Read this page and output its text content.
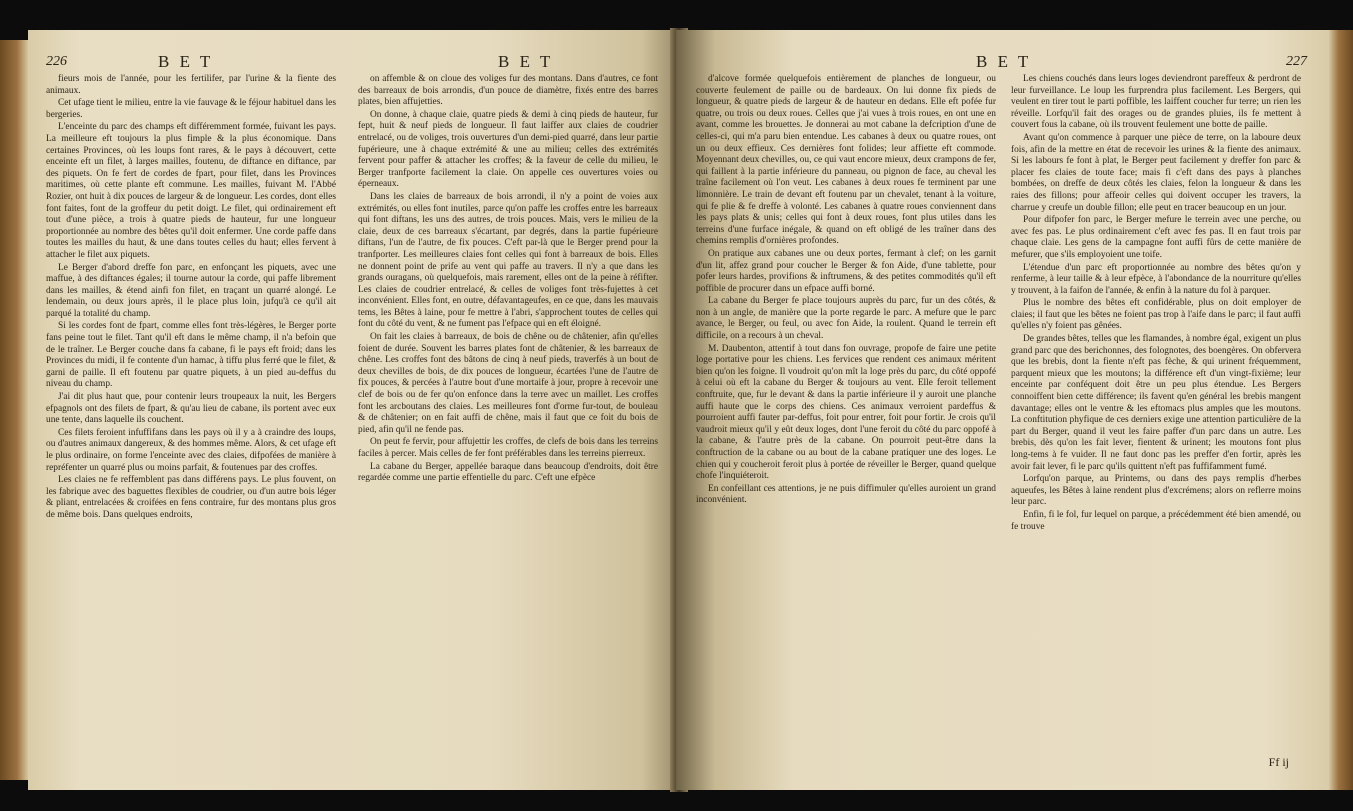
226	B E T	B E T

fieurs mois de l'année, pour les fertilifer, par l'urine & la fiente des animaux.

Cet ufage tient le milieu, entre la vie fauvage & le féjour habituel dans les bergeries.

L'enceinte du parc des champs eft différemment formée, fuivant les pays. La meilleure eft toujours la plus fimple & la plus économique. Dans certaines Provinces, où les loups font rares, & le pays à découvert, cette enceinte eft un filet, à larges mailles, foutenu, de diftance en diftance, par des piquets. On fe fert de cordes de fpart, pour filet, dans les Provinces maritimes, où cette plante eft commune. Les mailles, fuivant M. l'Abbé Rozier, ont huit à dix pouces de largeur & de longueur. Les cordes, dont elles font faites, font de la groffeur du petit doigt. Le filet, qui ordinairement eft tout d'une pièce, a trois à quatre pieds de hauteur, fur une longueur proportionnée au nombre des bêtes qu'il doit enfermer. Une corde paffe dans toutes les mailles du haut, & une dans toutes celles du haut; elles fervent à attacher le filet aux piquets.

Le Berger d'abord dreffe fon parc, en enfonçant les piquets, avec une maffue, à des diftances égales; il tourne autour la corde, qui paffe librement dans les mailles, & étend ainfi fon filet, en traçant un quarré alongé. Le lendemain, ou deux jours après, il le place plus loin, jufqu'à ce qu'il ait parqué la totalité du champ.

Si les cordes font de fpart, comme elles font très-légères, le Berger porte fans peine tout le filet. Tant qu'il eft dans le même champ, il n'a befoin que de le traîner. Le Berger couche dans fa cabane, fi le pays eft froid; dans les Provinces du midi, il fe contente d'un hamac, à tiffu plus ferré que le filet, & garni de paille. Il eft foutenu par quatre piquets, à un pied au-deffus du niveau du champ.

J'ai dit plus haut que, pour contenir leurs troupeaux la nuit, les Bergers efpagnols ont des filets de fpart, & qu'au lieu de cabane, ils portent avec eux une tente, dans laquelle ils couchent.

Ces filets feroient infuffifans dans les pays où il y a à craindre des loups, ou d'autres animaux dangereux, & des hommes même. Alors, & cet ufage eft le plus ordinaire, on forme l'enceinte avec des claies, difpofées de manière à repréfenter un quarré plus ou moins parfait, & foutenues par des croffes.

Les claies ne fe reffemblent pas dans différens pays. Le plus fouvent, on les fabrique avec des baguettes flexibles de coudrier, ou d'un autre bois léger & pliant, entrelacées & croifées en fens contraire, fur des montans plus gros de même bois. Dans quelques endroits,

on affemble & on cloue des voliges fur des montans. Dans d'autres, ce font des barreaux de bois arrondis, d'un pouce de diamètre, fixés entre des barres plates, bien affujetties.

On donne, à chaque claie, quatre pieds & demi à cinq pieds de hauteur, fur fept, huit & neuf pieds de longueur. Il faut laiffer aux claies de coudrier entrelacé, ou de voliges, trois ouvertures d'un demi-pied quarré, dans leur partie fupérieure, une à chaque extrémité & une au milieu; celles des extrémités fervent pour paffer & attacher les croffes; & la faveur de celle du milieu, le Berger tranfporte facilement la claie. On appelle ces ouvertures voies ou éperneaux.

Dans les claies de barreaux de bois arrondi, il n'y a point de voies aux extrémités, ou elles font inutiles, parce qu'on paffe les croffes entre les barreaux qui font diftans, les uns des autres, de trois pouces. Mais, vers le milieu de la claie, deux de ces barreaux s'écartant, par degrés, dans la partie fupérieure diftans, l'un de l'autre, de fix pouces. C'eft par-là que le Berger prend pour la tranfporter. Les meilleures claies font celles qui font à barreaux de bois. Elles ne donnent point de prife au vent qui paffe au travers. Il n'y a que dans les grands ouragans, où quelquefois, mais rarement, elles ont de la peine à réfifter. Les claies de coudrier entrelacé, & celles de voliges font très-fujettes à cet inconvénient. Elles font, en outre, défavantageufes, en ce que, dans les mauvais tems, les Bêtes à laine, pour fe mettre à l'abri, s'approchent toutes de celles qui font du côté du vent, & ne fument pas l'efpace qui en eft éloigné.

On fait les claies à barreaux, de bois de chêne ou de châtenier, afin qu'elles foient de durée. Souvent les barres plates font de châtenier, & les barreaux de chêne. Les croffes font des bâtons de cinq à neuf pieds, traverfés à un bout de deux chevilles de bois, de dix pouces de longueur, écartées l'une de l'autre de fix pouces, & percées à l'autre bout d'une mortaife à jour, propre à recevoir une clef de bois ou de fer qu'on enfonce dans la terre avec un maillet. Les croffes font les arcboutans des claies. Les meilleures font d'orme fur-tout, de bouleau & de châtenier; on en fait auffi de chêne, mais il faut que ce foit du bois de pied, afin qu'il ne fende pas.

On peut fe fervir, pour affujettir les croffes, de clefs de bois dans les terreins faciles à percer. Mais celles de fer font préférables dans les terreins pierreux.

La cabane du Berger, appellée baraque dans beaucoup d'endroits, doit être regardée comme une partie effentielle du parc. C'eft une efpèce

B E T	227

d'alcove formée quelquefois entièrement de planches de longueur, ou couverte feulement de paille ou de bardeaux. On lui donne fix pieds de longueur, & quatre pieds de largeur & de hauteur en dedans. Elle eft pofée fur quatre, ou trois ou deux roues. Celles que j'ai vues à trois roues, en ont une en avant, comme les brouettes. Je donnerai au mot cabane la defcription d'une de celles-ci, qui m'a paru bien entendue. Les cabanes à deux ou quatre roues, ont un ou deux effieux. Ces dernières font folides; leur affiette eft commode. Moyennant deux chevilles, ou, ce qui vaut encore mieux, deux crampons de fer, qui faillent à la partie inférieure du panneau, ou pignon de face, au cheval les traîne facilement où l'on veut. Les cabanes à deux roues fe terminent par une limonnière. Le train de devant eft foutenu par un chevalet, tenant à la voiture, qui fe plie & fe dreffe à volonté. Les cabanes à quatre roues conviennent dans les pays plats & unis; celles qui font à deux roues, font plus utiles dans les terreins d'une furface inégale, & quand on eft obligé de les traîner dans des chemins remplis d'ornières profondes.

On pratique aux cabanes une ou deux portes, fermant à clef; on les garnit d'un lit, affez grand pour coucher le Berger & fon Aide, d'une tablette, pour pofer leurs hardes, provifions & inftrumens, & des petites commodités qu'il eft poffible de procurer dans un efpace auffi borné.

La cabane du Berger fe place toujours auprès du parc, fur un des côtés, & non à un angle, de manière que la porte regarde le parc. A mefure que le parc avance, le Berger, ou feul, ou avec fon Aide, la roulent. Quand le terrein eft difficile, on a recours à un cheval.

M. Daubenton, attentif à tout dans fon ouvrage, propofe de faire une petite loge portative pour les chiens. Les fervices que rendent ces animaux méritent bien qu'on les foigne. Il voudroit qu'on mît la loge près du parc, du côté oppofé à celui où eft la cabane du Berger & toujours au vent. Elle feroit tellement conftruite, que, fur le devant & dans la partie inférieure il y auroit une planche auffi haute que le corps des chiens. Ces animaux verroient pardeffus & pourroient auffi fauter par-deffus, foit pour entrer, foit pour fortir. Je crois qu'il vaudroit mieux qu'il y eût deux loges, dont l'une feroit du côté du parc oppofé à la cabane, & l'autre près de la cabane. On pourroit peut-être dans la conftruction de la cabane ou au bout de la cabane pratiquer une des loges. Le chien qui y coucheroit feroit plus à portée de réveiller le Berger, quand quelque chofe l'inquiéteroit.

En confeillant ces attentions, je ne puis diffimuler qu'elles auroient un grand inconvénient.

Les chiens couchés dans leurs loges deviendront pareffeux & perdront de leur furveillance. Le loup les furprendra plus facilement. Les Bergers, qui veulent en tirer tout le parti poffible, les laiffent coucher fur terre; un rien les réveille. Lorfqu'il fait des orages ou de grandes pluies, ils fe mettent à couvert fous la cabane, où ils trouvent feulement une botte de paille.

Avant qu'on commence à parquer une pièce de terre, on la laboure deux fois, afin de la mettre en état de recevoir les urines & la fiente des animaux. Si les labours fe font à plat, le Berger peut facilement y dreffer fon parc & placer fes claies de toute face; mais fi c'eft dans des pays à planches bombées, on dreffe de deux côtés les claies, felon la longueur & dans les raies des fillons; pour affeoir celles qui doivent occuper les travers, la charrue y creufe un double fillon; elle peut en tracer beaucoup en un jour.

Pour difpofer fon parc, le Berger mefure le terrein avec une perche, ou avec fes pas. Le plus ordinairement c'eft avec fes pas. Il en faut trois par chaque claie. Les gens de la campagne font auffi fûrs de cette manière de mefurer, que s'ils employoient une toife.

L'étendue d'un parc eft proportionnée au nombre des bêtes qu'on y renferme, à leur taille & à leur efpèce, à l'abondance de la nourriture qu'elles y trouvent, à la faifon de l'année, & enfin à la nature du fol à parquer.

Plus le nombre des bêtes eft confidérable, plus on doit employer de claies; il faut que les bêtes ne foient pas trop à l'aife dans le parc; il faut auffi qu'elles n'y foient pas gênées.

De grandes bêtes, telles que les flamandes, à nombre égal, exigent un plus grand parc que des berichonnes, des folognotes, des boengères. On obfervera que les brebis, dont la fiente n'eft pas fèche, & qui urinent fréquemment, parquent mieux que les moutons; la différence eft d'un vingt-fixième; leur enceinte par conféquent doit être un peu plus étendue. Les Bergers connoiffent bien cette différence; ils favent qu'en général les brebis mangent davantage; elles ont le ventre & les eftomacs plus amples que les moutons. La conftitution phyfique de ces derniers exige une attention particulière de la part du Berger, quand il veut les faire paffer d'un parc dans un autre. Les brebis, dès qu'on les fait lever, fientent & urinent; les moutons font plus long-tems à fe vuider. Il ne faut donc pas les preffer d'en fortir, après les avoir fait lever, fi le parc qu'ils quittent n'eft pas fuffifamment fumé.

Lorfqu'on parque, au Printems, ou dans des pays remplis d'herbes aqueufes, les Bêtes à laine rendent plus d'excrémens; alors on reflerre moins leur parc.

Enfin, fi le fol, fur lequel on parque, a précédemment été bien amendé, ou fe trouve

Ff ij
